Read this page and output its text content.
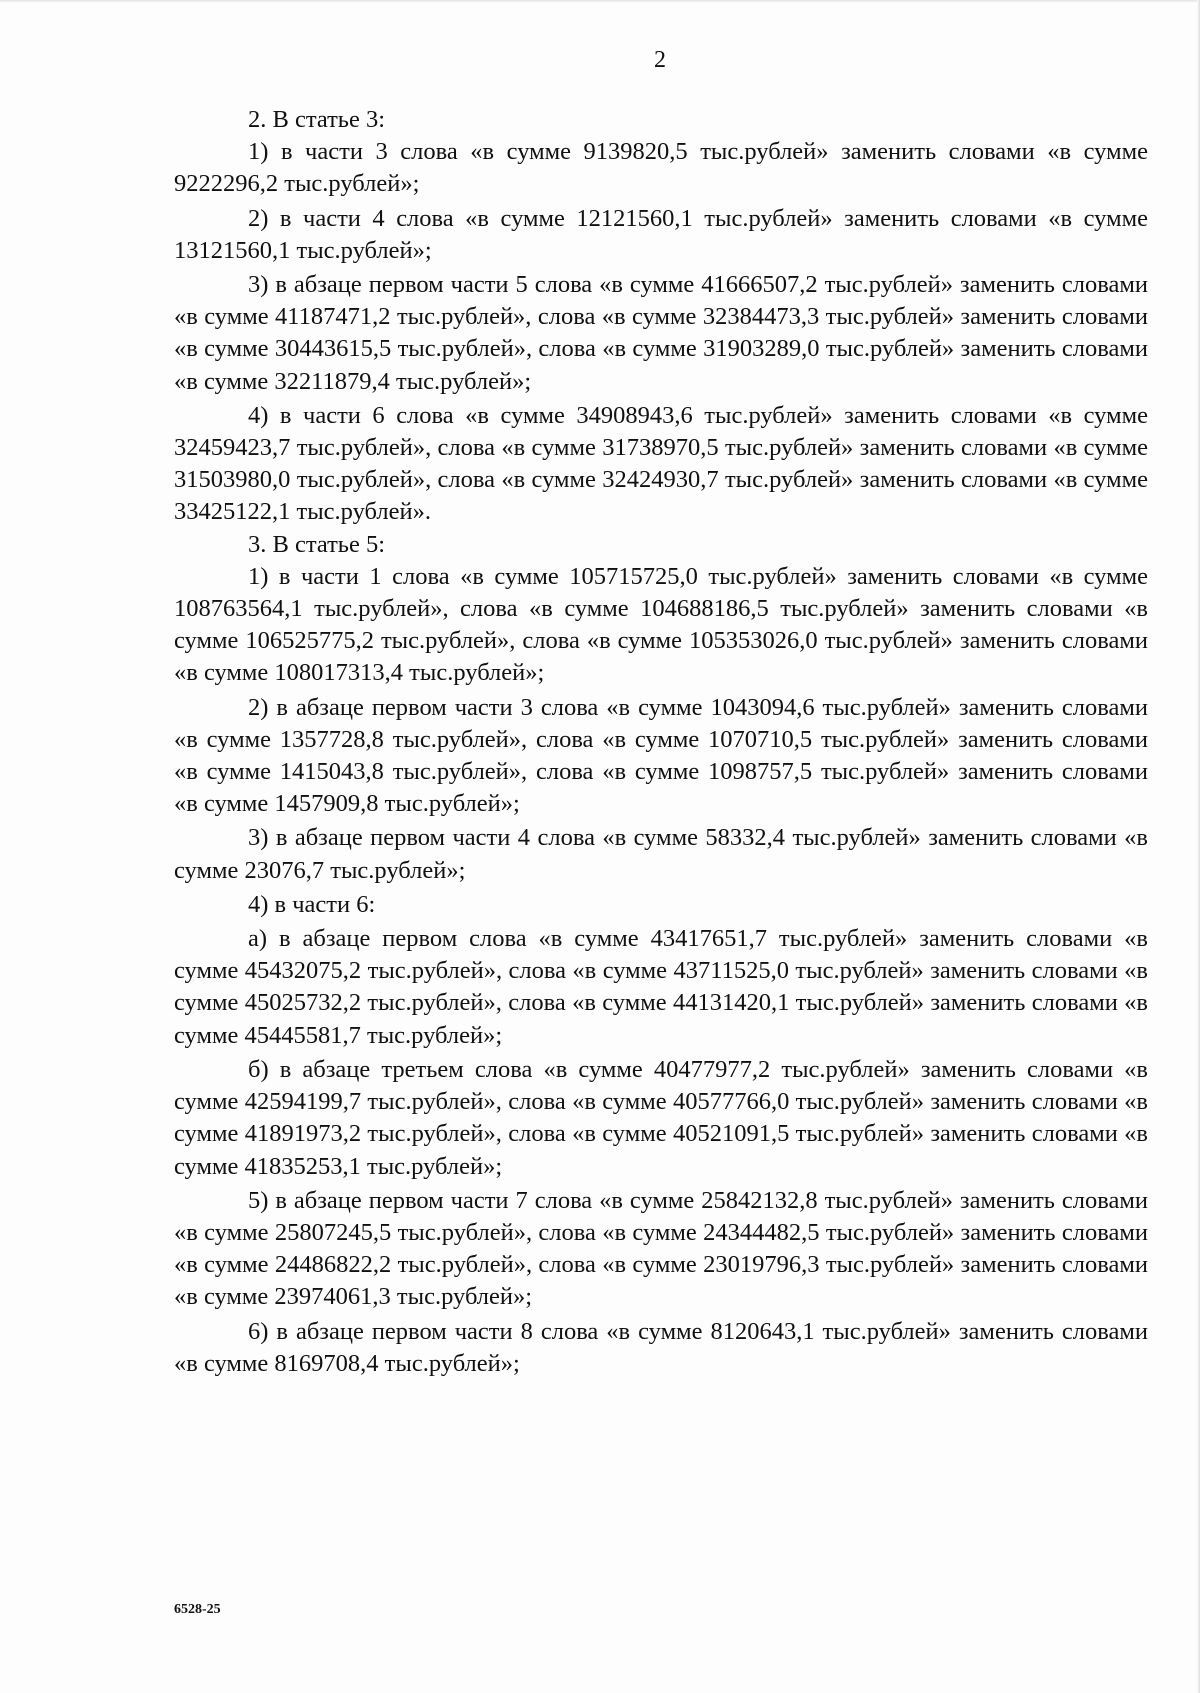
2

2. В статье 3:

1) в части 3 слова «в сумме 9139820,5 тыс.рублей» заменить словами «в сумме 9222296,2 тыс.рублей»;

2) в части 4 слова «в сумме 12121560,1 тыс.рублей» заменить словами «в сумме 13121560,1 тыс.рублей»;

3) в абзаце первом части 5 слова «в сумме 41666507,2 тыс.рублей» заменить словами «в сумме 41187471,2 тыс.рублей», слова «в сумме 32384473,3 тыс.рублей» заменить словами «в сумме 30443615,5 тыс.рублей», слова «в сумме 31903289,0 тыс.рублей» заменить словами «в сумме 32211879,4 тыс.рублей»;

4) в части 6 слова «в сумме 34908943,6 тыс.рублей» заменить словами «в сумме 32459423,7 тыс.рублей», слова «в сумме 31738970,5 тыс.рублей» заменить словами «в сумме 31503980,0 тыс.рублей», слова «в сумме 32424930,7 тыс.рублей» заменить словами «в сумме 33425122,1 тыс.рублей».

3. В статье 5:

1) в части 1 слова «в сумме 105715725,0 тыс.рублей» заменить словами «в сумме 108763564,1 тыс.рублей», слова «в сумме 104688186,5 тыс.рублей» заменить словами «в сумме 106525775,2 тыс.рублей», слова «в сумме 105353026,0 тыс.рублей» заменить словами «в сумме 108017313,4 тыс.рублей»;

2) в абзаце первом части 3 слова «в сумме 1043094,6 тыс.рублей» заменить словами «в сумме 1357728,8 тыс.рублей», слова «в сумме 1070710,5 тыс.рублей» заменить словами «в сумме 1415043,8 тыс.рублей», слова «в сумме 1098757,5 тыс.рублей» заменить словами «в сумме 1457909,8 тыс.рублей»;

3) в абзаце первом части 4 слова «в сумме 58332,4 тыс.рублей» заменить словами «в сумме 23076,7 тыс.рублей»;

4) в части 6:

а) в абзаце первом слова «в сумме 43417651,7 тыс.рублей» заменить словами «в сумме 45432075,2 тыс.рублей», слова «в сумме 43711525,0 тыс.рублей» заменить словами «в сумме 45025732,2 тыс.рублей», слова «в сумме 44131420,1 тыс.рублей» заменить словами «в сумме 45445581,7 тыс.рублей»;

б) в абзаце третьем слова «в сумме 40477977,2 тыс.рублей» заменить словами «в сумме 42594199,7 тыс.рублей», слова «в сумме 40577766,0 тыс.рублей» заменить словами «в сумме 41891973,2 тыс.рублей», слова «в сумме 40521091,5 тыс.рублей» заменить словами «в сумме 41835253,1 тыс.рублей»;

5) в абзаце первом части 7 слова «в сумме 25842132,8 тыс.рублей» заменить словами «в сумме 25807245,5 тыс.рублей», слова «в сумме 24344482,5 тыс.рублей» заменить словами «в сумме 24486822,2 тыс.рублей», слова «в сумме 23019796,3 тыс.рублей» заменить словами «в сумме 23974061,3 тыс.рублей»;

6) в абзаце первом части 8 слова «в сумме 8120643,1 тыс.рублей» заменить словами «в сумме 8169708,4 тыс.рублей»;

6528-25
